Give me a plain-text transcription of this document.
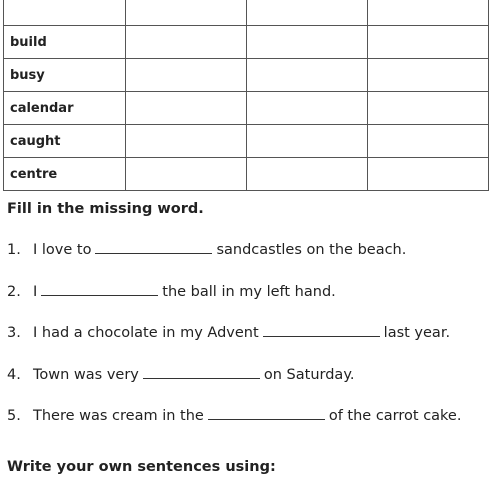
build			
busy			
calendar			
caught			
centre			

Fill in the missing word.

1. I love to	sandcastles on the beach.
2. I	the ball in my left hand.
3. I had a chocolate in my Advent	last year.
4. Town was very	on Saturday.
5. There was cream in the	of the carrot cake.

Write your own sentences using:
